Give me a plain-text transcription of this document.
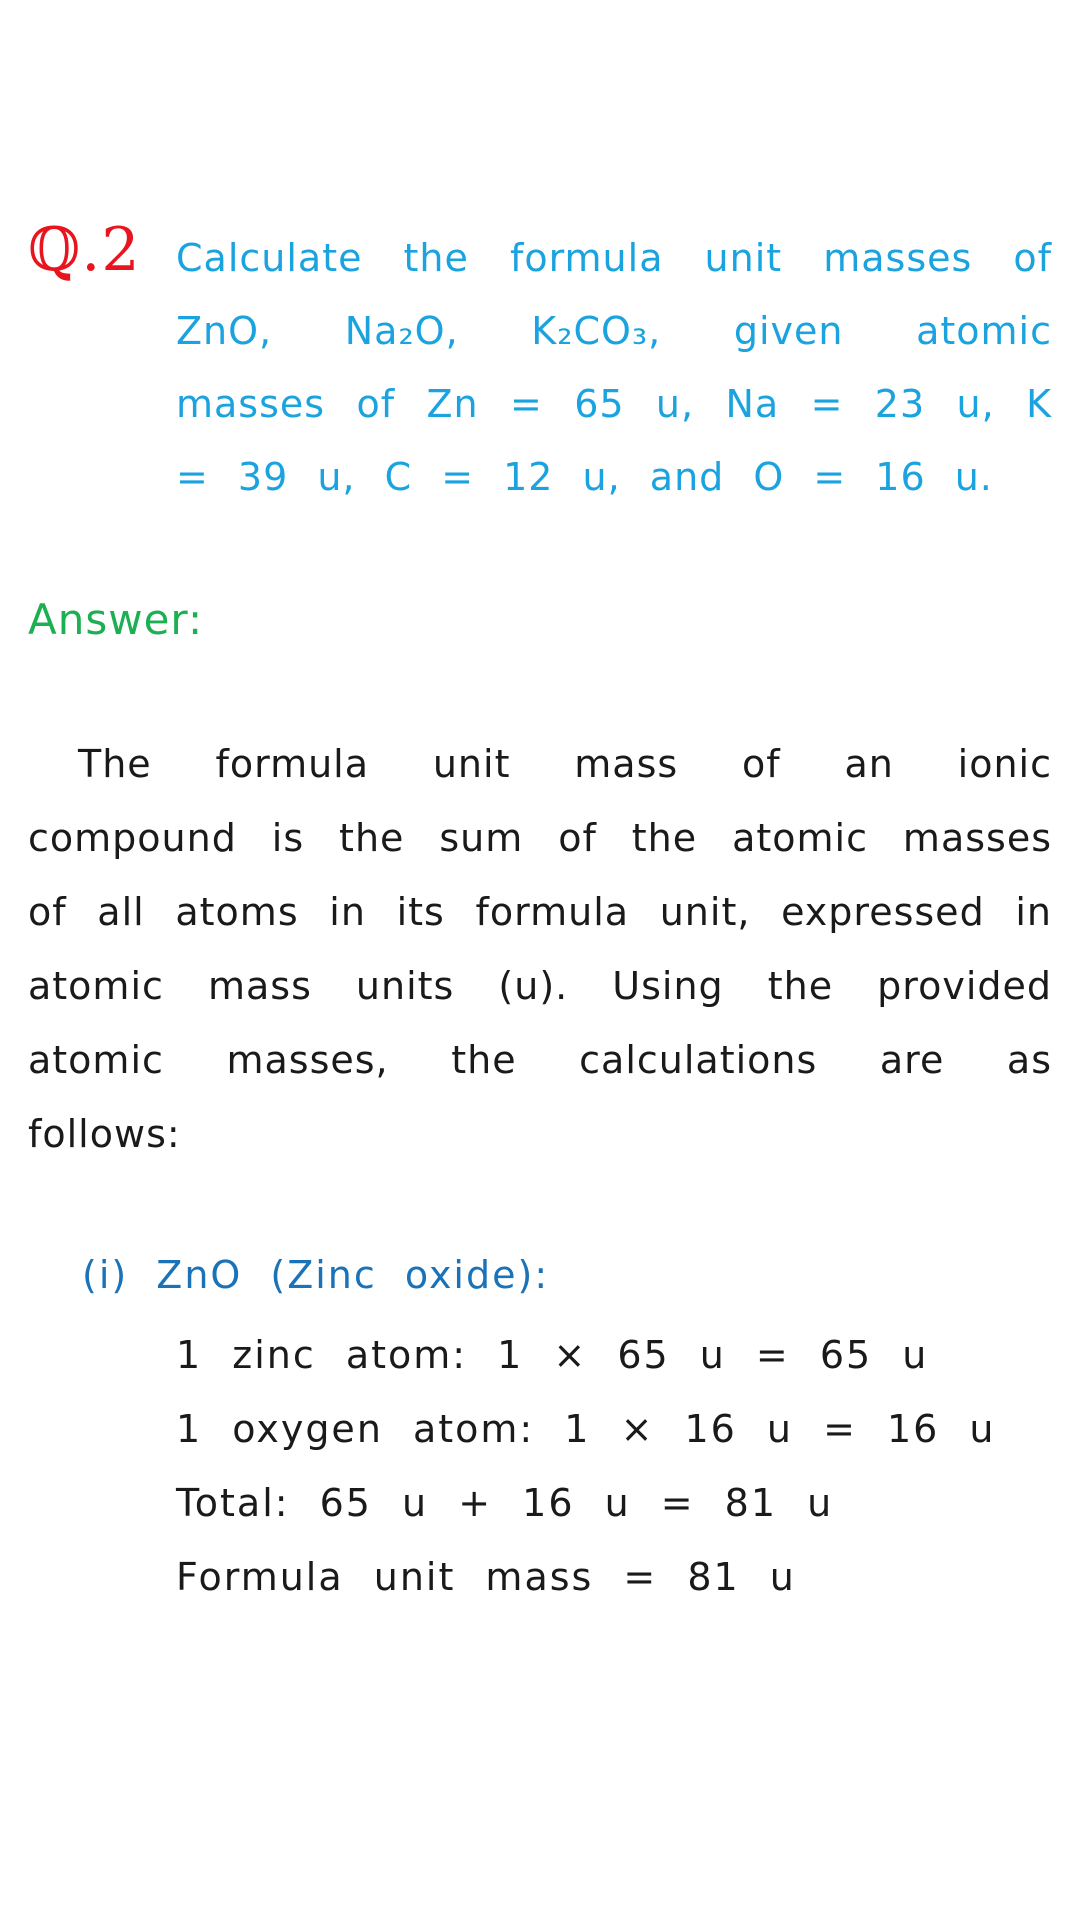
ℚ.2 Calculate the formula unit masses of ZnO, Na₂O, K₂CO₃, given atomic masses of Zn = 65 u, Na = 23 u, K = 39 u, C = 12 u, and O = 16 u.
Answer:
The formula unit mass of an ionic compound is the sum of the atomic masses of all atoms in its formula unit, expressed in atomic mass units (u). Using the provided atomic masses, the calculations are as follows:
(i) ZnO (Zinc oxide):
1 zinc atom: 1 × 65 u = 65 u
1 oxygen atom: 1 × 16 u = 16 u
Total: 65 u + 16 u = 81 u
Formula unit mass = 81 u
